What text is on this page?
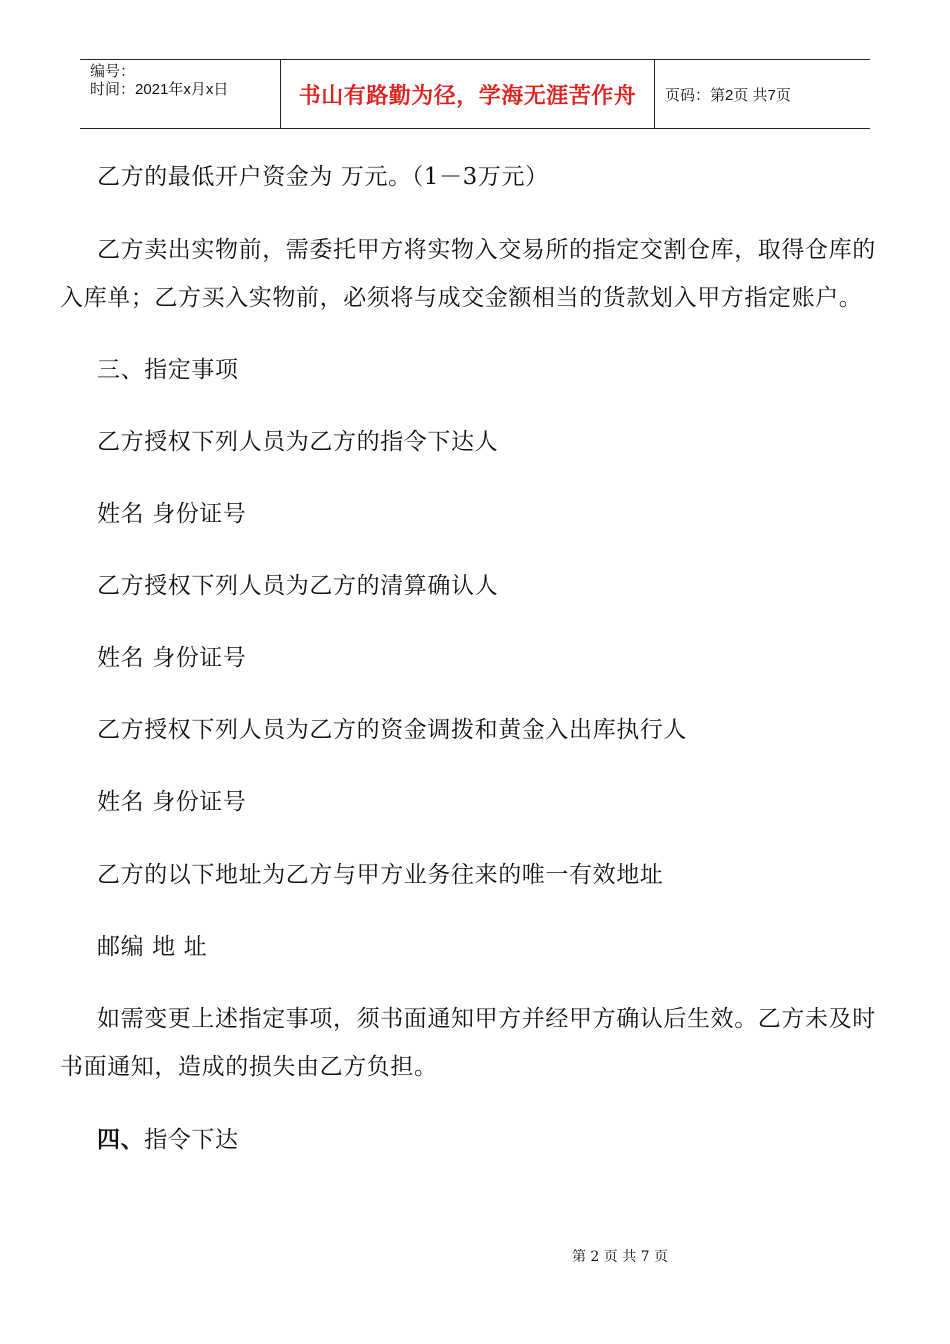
编号：
时间：2021年x月x日	书山有路勤为径，学海无涯苦作舟	页码：第2页 共7页
乙方的最低开户资金为 万元。（1－3万元）
乙方卖出实物前，需委托甲方将实物入交易所的指定交割仓库，取得仓库的入库单；乙方买入实物前，必须将与成交金额相当的货款划入甲方指定账户。
三、指定事项
乙方授权下列人员为乙方的指令下达人
姓名 身份证号
乙方授权下列人员为乙方的清算确认人
姓名 身份证号
乙方授权下列人员为乙方的资金调拨和黄金入出库执行人
姓名 身份证号
乙方的以下地址为乙方与甲方业务往来的唯一有效地址
邮编 地 址
如需变更上述指定事项，须书面通知甲方并经甲方确认后生效。乙方未及时书面通知，造成的损失由乙方负担。
四、指令下达
第 2 页 共 7 页
